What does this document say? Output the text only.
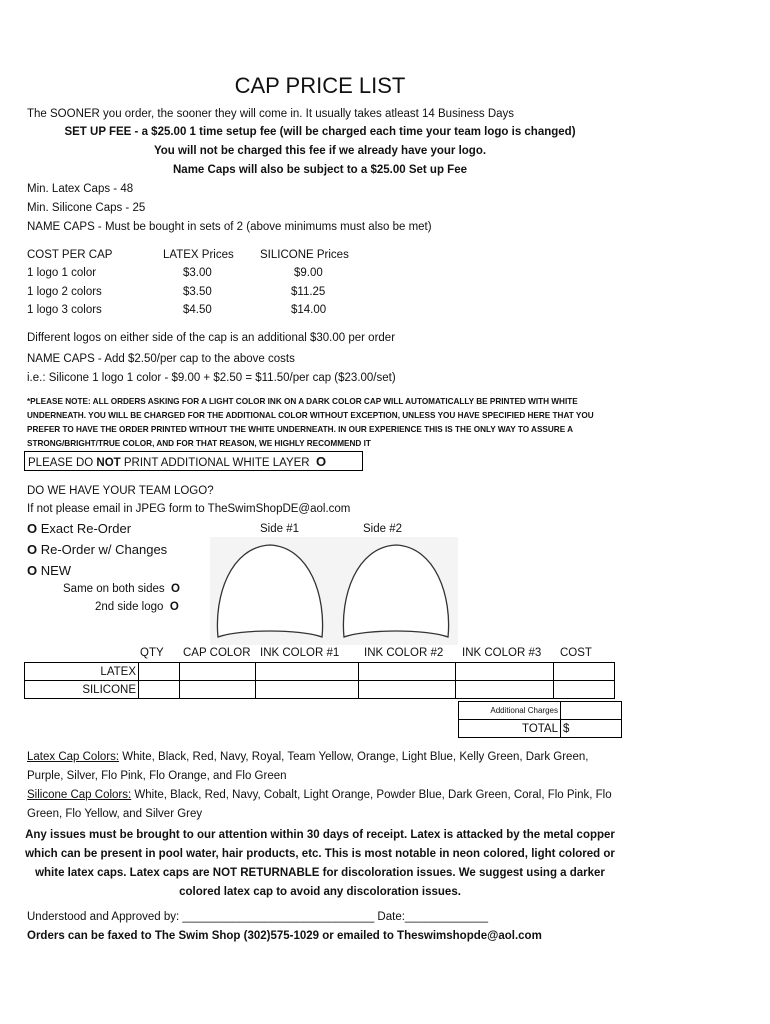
CAP PRICE LIST
The SOONER you order, the sooner they will come in. It usually takes atleast 14 Business Days
SET UP FEE - a $25.00 1 time setup fee (will be charged each time your team logo is changed)
You will not be charged this fee if we already have your logo.
Name Caps will also be subject to a $25.00 Set up Fee
Min. Latex Caps - 48
Min. Silicone Caps - 25
NAME CAPS - Must be bought in sets of 2 (above minimums must also be met)
COST PER CAP	LATEX Prices SILICONE Prices
1 logo 1 color	$3.00	$9.00
1 logo 2 colors	$3.50	$11.25
1 logo 3 colors	$4.50	$14.00
Different logos on either side of the cap is an additional $30.00 per order
NAME CAPS - Add $2.50/per cap to the above costs
i.e.: Silicone 1 logo 1 color - $9.00 + $2.50 = $11.50/per cap ($23.00/set)
*PLEASE NOTE: ALL ORDERS ASKING FOR A LIGHT COLOR INK ON A DARK COLOR CAP WILL AUTOMATICALLY BE PRINTED WITH WHITE UNDERNEATH. YOU WILL BE CHARGED FOR THE ADDITIONAL COLOR WITHOUT EXCEPTION, UNLESS YOU HAVE SPECIFIED HERE THAT YOU PREFER TO HAVE THE ORDER PRINTED WITHOUT THE WHITE UNDERNEATH. IN OUR EXPERIENCE THIS IS THE ONLY WAY TO ASSURE A STRONG/BRIGHT/TRUE COLOR, AND FOR THAT REASON, WE HIGHLY RECOMMEND IT
PLEASE DO NOT PRINT ADDITIONAL WHITE LAYER O
DO WE HAVE YOUR TEAM LOGO?
If not please email in JPEG form to TheSwimShopDE@aol.com
O Exact Re-Order
O Re-Order w/ Changes
O NEW
Same on both sides O
2nd side logo O
Side #1	Side #2
QTY CAP COLOR INK COLOR #1 INK COLOR #2 INK COLOR #3 COST
LATEX						
SILICONE						
Additional Charges	
TOTAL	$
Latex Cap Colors: White, Black, Red, Navy, Royal, Team Yellow, Orange, Light Blue, Kelly Green, Dark Green, Purple, Silver, Flo Pink, Flo Orange, and Flo Green
Silicone Cap Colors: White, Black, Red, Navy, Cobalt, Light Orange, Powder Blue, Dark Green, Coral, Flo Pink, Flo Green, Flo Yellow, and Silver Grey
Any issues must be brought to our attention within 30 days of receipt. Latex is attacked by the metal copper which can be present in pool water, hair products, etc. This is most notable in neon colored, light colored or white latex caps. Latex caps are NOT RETURNABLE for discoloration issues. We suggest using a darker colored latex cap to avoid any discoloration issues.
Understood and Approved by: ______________________________ Date:_____________
Orders can be faxed to The Swim Shop (302)575-1029 or emailed to Theswimshopde@aol.com
